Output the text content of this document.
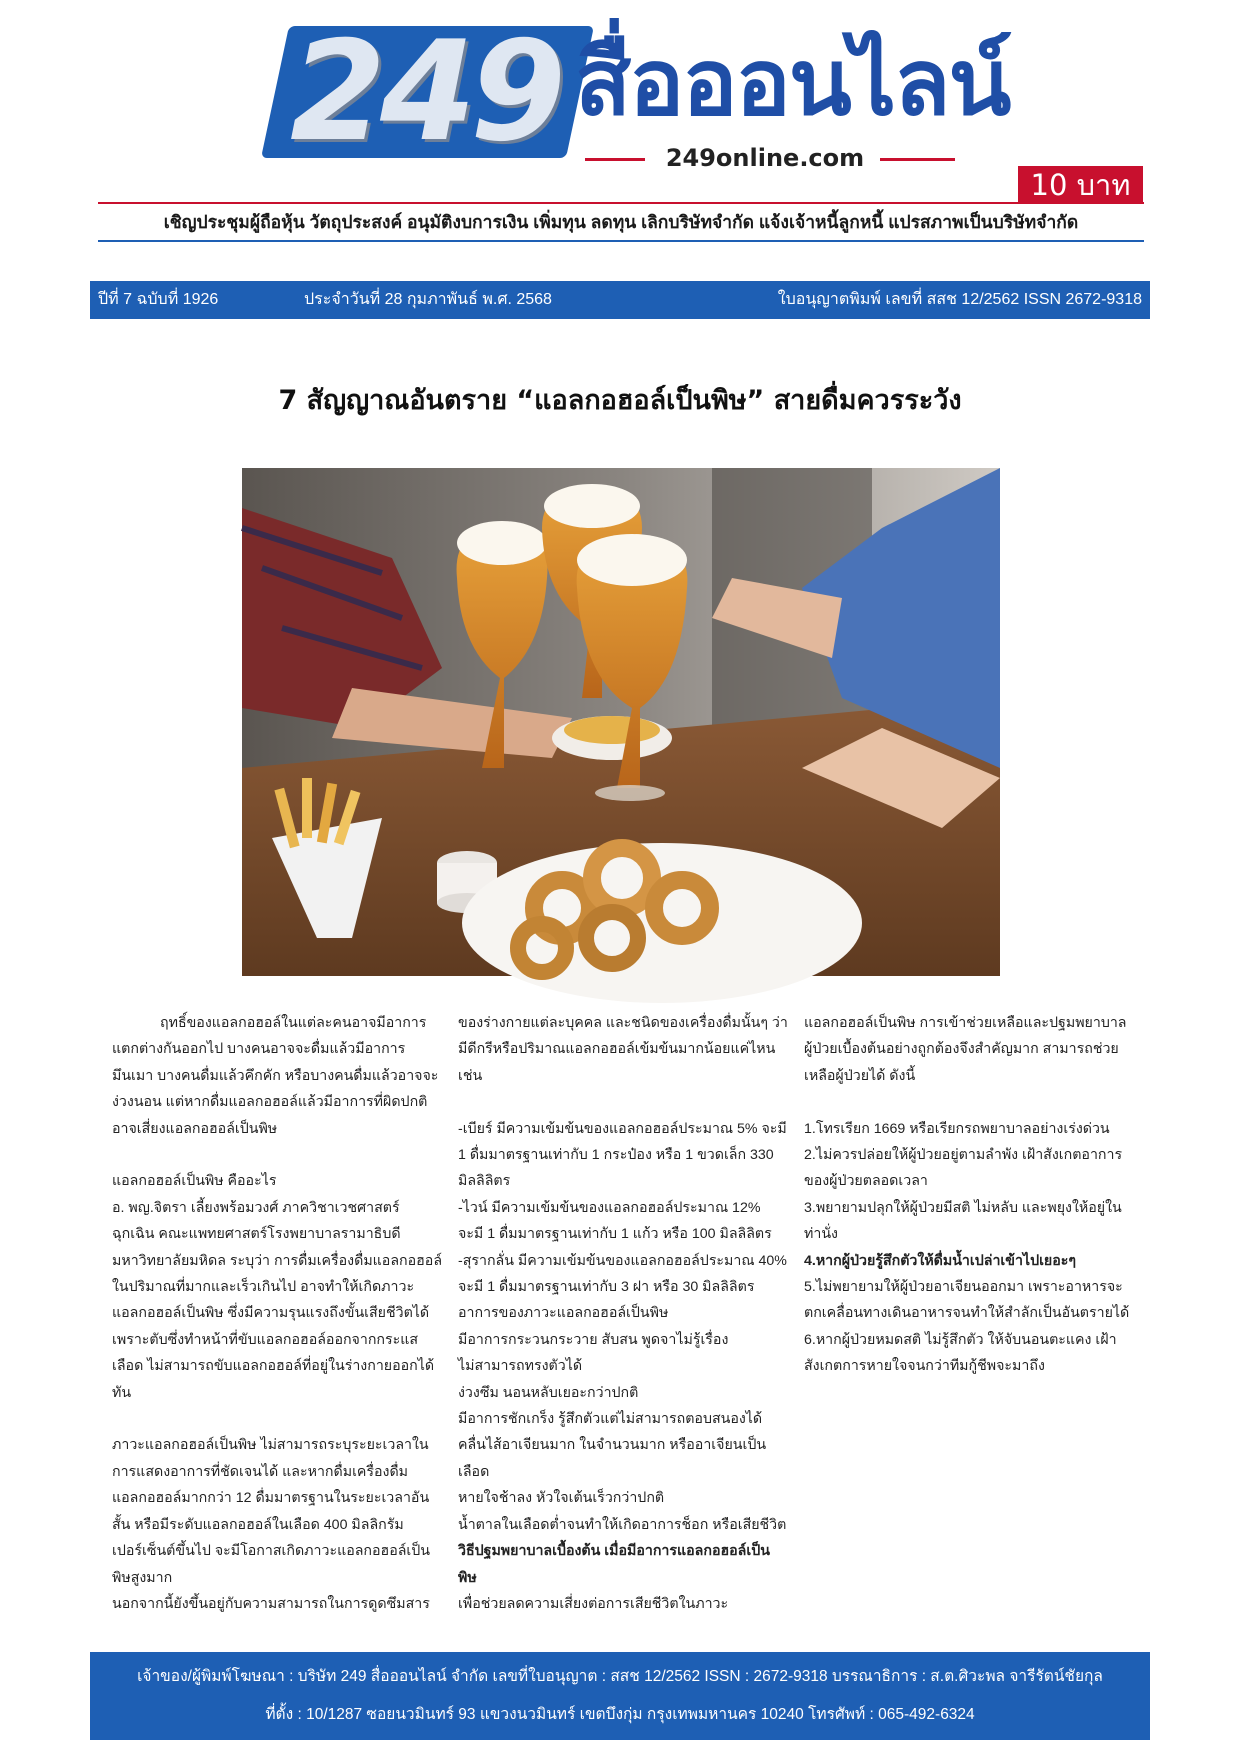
249 สื่อออนไลน์
249online.com
10 บาท
เชิญประชุมผู้ถือหุ้น วัตถุประสงค์ อนุมัติงบการเงิน เพิ่มทุน ลดทุน เลิกบริษัทจำกัด แจ้งเจ้าหนี้ลูกหนี้ แปรสภาพเป็นบริษัทจำกัด
ปีที่ 7 ฉบับที่ 1926	ประจำวันที่ 28 กุมภาพันธ์ พ.ศ. 2568	ใบอนุญาตพิมพ์ เลขที่ สสช 12/2562 ISSN 2672-9318
7 สัญญาณอันตราย “แอลกอฮอล์เป็นพิษ” สายดื่มควรระวัง

ฤทธิ์ของแอลกอฮอล์ในแต่ละคนอาจมีอาการแตกต่างกันออกไป บางคนอาจจะดื่มแล้วมีอาการมึนเมา บางคนดื่มแล้วคึกคัก หรือบางคนดื่มแล้วอาจจะง่วงนอน แต่หากดื่มแอลกอฮอล์แล้วมีอาการที่ผิดปกติ อาจเสี่ยงแอลกอฮอล์เป็นพิษ

แอลกอฮอล์เป็นพิษ คืออะไร

อ. พญ.จิตรา เลี้ยงพร้อมวงศ์ ภาควิชาเวชศาสตร์ฉุกเฉิน คณะแพทยศาสตร์โรงพยาบาลรามาธิบดี มหาวิทยาลัยมหิดล ระบุว่า การดื่มเครื่องดื่มแอลกอฮอล์ในปริมาณที่มากและเร็วเกินไป อาจทำให้เกิดภาวะ แอลกอฮอล์เป็นพิษ ซึ่งมีความรุนแรงถึงขั้นเสียชีวิตได้ เพราะตับซึ่งทำหน้าที่ขับแอลกอฮอล์ออกจากกระแสเลือด ไม่สามารถขับแอลกอฮอล์ที่อยู่ในร่างกายออกได้ทัน

ภาวะแอลกอฮอล์เป็นพิษ ไม่สามารถระบุระยะเวลาในการแสดงอาการที่ชัดเจนได้ และหากดื่มเครื่องดื่มแอลกอฮอล์มากกว่า 12 ดื่มมาตรฐานในระยะเวลาอันสั้น หรือมีระดับแอลกอฮอล์ในเลือด 400 มิลลิกรัมเปอร์เซ็นต์ขึ้นไป จะมีโอกาสเกิดภาวะแอลกอฮอล์เป็นพิษสูงมาก

นอกจากนี้ยังขึ้นอยู่กับความสามารถในการดูดซึมสาร

ของร่างกายแต่ละบุคคล และชนิดของเครื่องดื่มนั้นๆ ว่ามีดีกรีหรือปริมาณแอลกอฮอล์เข้มข้นมากน้อยแค่ไหน เช่น

-เบียร์ มีความเข้มข้นของแอลกอฮอล์ประมาณ 5% จะมี 1 ดื่มมาตรฐานเท่ากับ 1 กระป๋อง หรือ 1 ขวดเล็ก 330 มิลลิลิตร

-ไวน์ มีความเข้มข้นของแอลกอฮอล์ประมาณ 12% จะมี 1 ดื่มมาตรฐานเท่ากับ 1 แก้ว หรือ 100 มิลลิลิตร

-สุรากลั่น มีความเข้มข้นของแอลกอฮอล์ประมาณ 40% จะมี 1 ดื่มมาตรฐานเท่ากับ 3 ฝา หรือ 30 มิลลิลิตร

อาการของภาวะแอลกอฮอล์เป็นพิษ

มีอาการกระวนกระวาย สับสน พูดจาไม่รู้เรื่อง

ไม่สามารถทรงตัวได้

ง่วงซึม นอนหลับเยอะกว่าปกติ

มีอาการชักเกร็ง รู้สึกตัวแต่ไม่สามารถตอบสนองได้

คลื่นไส้อาเจียนมาก ในจำนวนมาก หรืออาเจียนเป็นเลือด

หายใจช้าลง หัวใจเต้นเร็วกว่าปกติ

น้ำตาลในเลือดต่ำจนทำให้เกิดอาการช็อก หรือเสียชีวิต

วิธีปฐมพยาบาลเบื้องต้น เมื่อมีอาการแอลกอฮอล์เป็นพิษ

เพื่อช่วยลดความเสี่ยงต่อการเสียชีวิตในภาวะ

แอลกอฮอล์เป็นพิษ การเข้าช่วยเหลือและปฐมพยาบาลผู้ป่วยเบื้องต้นอย่างถูกต้องจึงสำคัญมาก สามารถช่วยเหลือผู้ป่วยได้ ดังนี้

1.โทรเรียก 1669 หรือเรียกรถพยาบาลอย่างเร่งด่วน

2.ไม่ควรปล่อยให้ผู้ป่วยอยู่ตามลำพัง เฝ้าสังเกตอาการของผู้ป่วยตลอดเวลา

3.พยายามปลุกให้ผู้ป่วยมีสติ ไม่หลับ และพยุงให้อยู่ในท่านั่ง

4.หากผู้ป่วยรู้สึกตัวให้ดื่มน้ำเปล่าเข้าไปเยอะๆ

5.ไม่พยายามให้ผู้ป่วยอาเจียนออกมา เพราะอาหารจะตกเคลื่อนทางเดินอาหารจนทำให้สำลักเป็นอันตรายได้

6.หากผู้ป่วยหมดสติ ไม่รู้สึกตัว ให้จับนอนตะแคง เฝ้าสังเกตการหายใจจนกว่าทีมกู้ชีพจะมาถึง

เจ้าของ/ผู้พิมพ์โฆษณา : บริษัท 249 สื่อออนไลน์ จำกัด เลขที่ใบอนุญาต : สสช 12/2562 ISSN : 2672-9318 บรรณาธิการ : ส.ต.ศิวะพล จารีรัตน์ชัยกุล
ที่ตั้ง : 10/1287 ซอยนวมินทร์ 93 แขวงนวมินทร์ เขตบึงกุ่ม กรุงเทพมหานคร 10240 โทรศัพท์ : 065-492-6324
